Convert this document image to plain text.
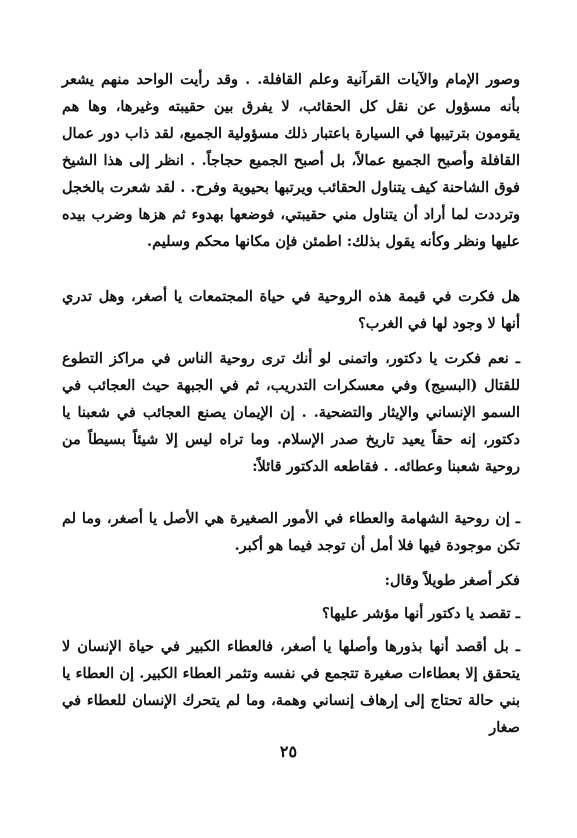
وصور الإمام والآيات القرآنية وعلم القافلة. . وقد رأيت الواحد منهم يشعر بأنه مسؤول عن نقل كل الحقائب، لا يفرق بين حقيبته وغيرها، وها هم يقومون بترتيبها في السيارة باعتبار ذلك مسؤولية الجميع، لقد ذاب دور عمال القافلة وأصبح الجميع عمالاً، بل أصبح الجميع حجاجاً. . انظر إلى هذا الشيخ فوق الشاحنة كيف يتناول الحقائب ويرتبها بحيوية وفرح. . لقد شعرت بالخجل وترددت لما أراد أن يتناول مني حقيبتي، فوضعها بهدوء ثم هزها وضرب بيده عليها ونظر وكأنه يقول بذلك: اطمئن فإن مكانها محكم وسليم.

هل فكرت في قيمة هذه الروحية في حياة المجتمعات يا أصغر، وهل تدري أنها لا وجود لها في الغرب؟

ـ نعم فكرت يا دكتور، واتمنى لو أنك ترى روحية الناس في مراكز التطوع للقتال (البسيج) وفي معسكرات التدريب، ثم في الجبهة حيث العجائب في السمو الإنساني والإيثار والتضحية. . إن الإيمان يصنع العجائب في شعبنا يا دكتور، إنه حقاً يعيد تاريخ صدر الإسلام. وما تراه ليس إلا شيئاً بسيطاً من روحية شعبنا وعطائه. . فقاطعه الدكتور قائلاً:

ـ إن روحية الشهامة والعطاء في الأمور الصغيرة هي الأصل يا أصغر، وما لم تكن موجودة فيها فلا أمل أن توجد فيما هو أكبر.

فكر أصغر طويلاً وقال:

ـ تقصد يا دكتور أنها مؤشر عليها؟

ـ بل أقصد أنها بذورها وأصلها يا أصغر، فالعطاء الكبير في حياة الإنسان لا يتحقق إلا بعطاءات صغيرة تتجمع في نفسه وتثمر العطاء الكبير. إن العطاء يا بني حالة تحتاج إلى إرهاف إنساني وهمة، وما لم يتحرك الإنسان للعطاء في صغار

٢٥
